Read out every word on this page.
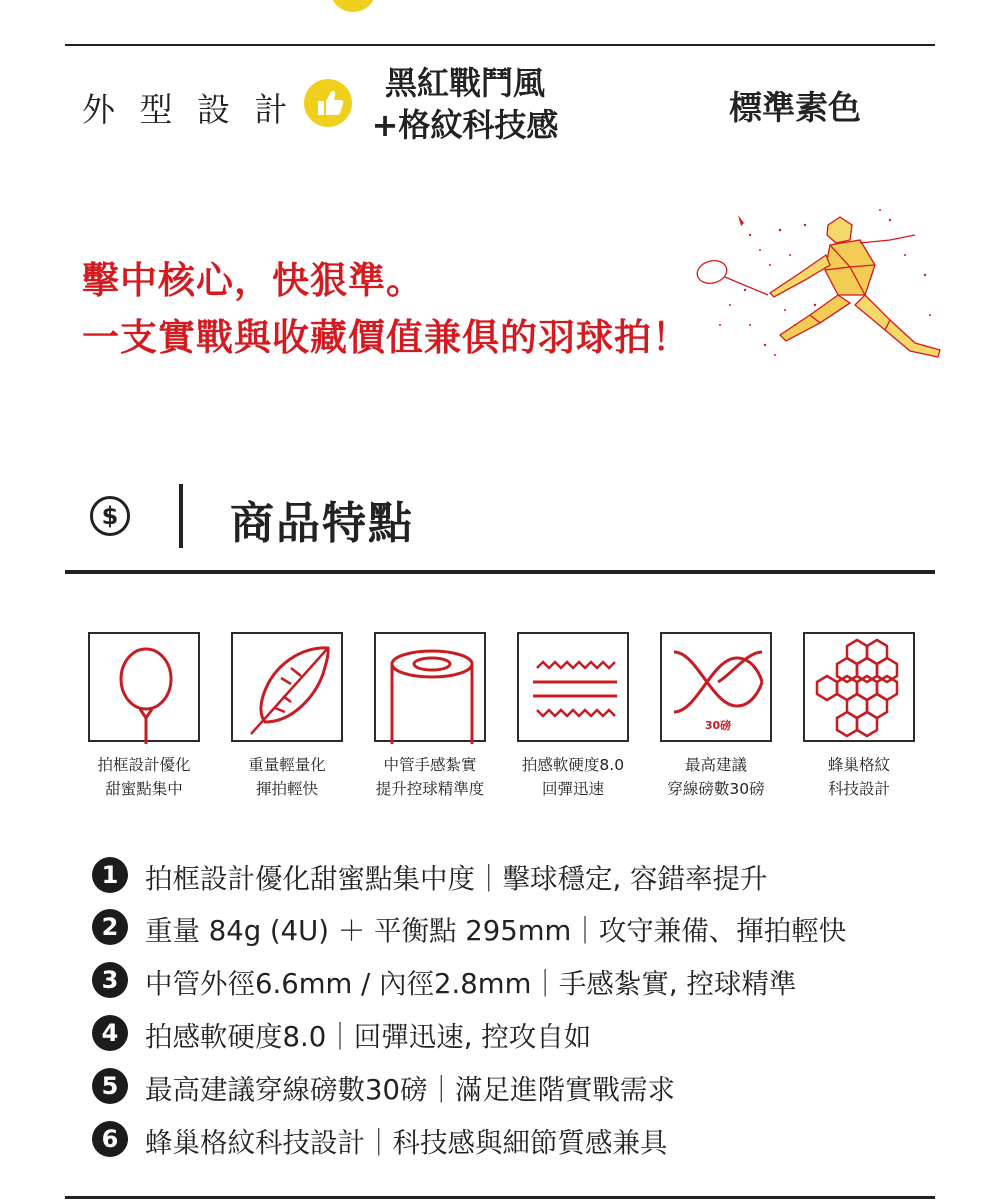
外 型 設 計
黑紅戰鬥風
+格紋科技感	標準素色
擊中核心，快狠準。
一支實戰與收藏價值兼俱的羽球拍！
$	商品特點
30磅
拍框設計優化
甜蜜點集中
重量輕量化
揮拍輕快
中管手感紮實
提升控球精準度
拍感軟硬度8.0
回彈迅速
最高建議
穿線磅數30磅
蜂巢格紋
科技設計
1 拍框設計優化甜蜜點集中度｜擊球穩定, 容錯率提升
2 重量 84g (4U) ＋ 平衡點 295mm｜攻守兼備、揮拍輕快
3 中管外徑6.6mm / 內徑2.8mm｜手感紮實, 控球精準
4 拍感軟硬度8.0｜回彈迅速, 控攻自如
5 最高建議穿線磅數30磅｜滿足進階實戰需求
6 蜂巢格紋科技設計｜科技感與細節質感兼具
